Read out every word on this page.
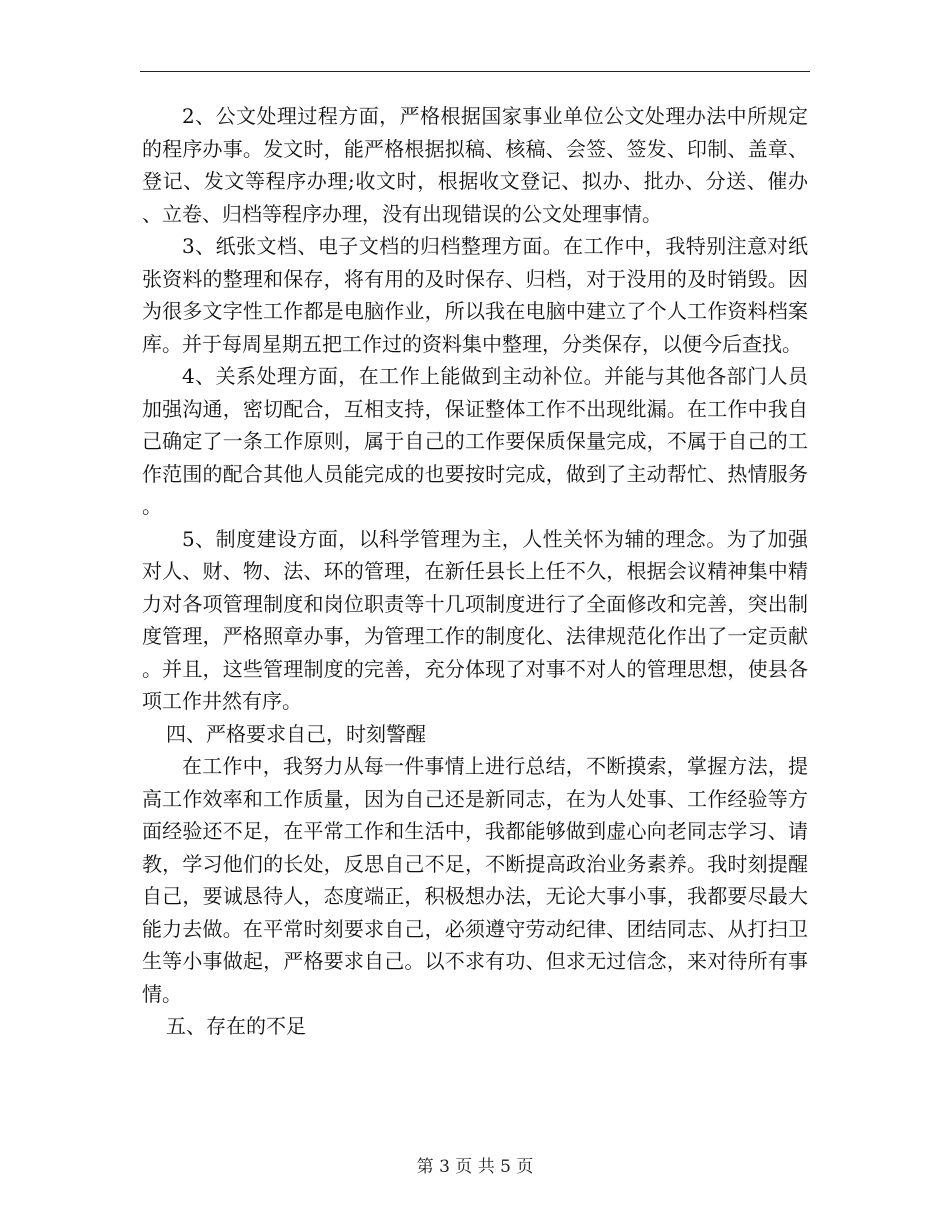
2、公文处理过程方面，严格根据国家事业单位公文处理办法中所规定的程序办事。发文时，能严格根据拟稿、核稿、会签、签发、印制、盖章、登记、发文等程序办理;收文时，根据收文登记、拟办、批办、分送、催办、立卷、归档等程序办理，没有出现错误的公文处理事情。

3、纸张文档、电子文档的归档整理方面。在工作中，我特别注意对纸张资料的整理和保存，将有用的及时保存、归档，对于没用的及时销毁。因为很多文字性工作都是电脑作业，所以我在电脑中建立了个人工作资料档案库。并于每周星期五把工作过的资料集中整理，分类保存，以便今后查找。

4、关系处理方面，在工作上能做到主动补位。并能与其他各部门人员加强沟通，密切配合，互相支持，保证整体工作不出现纰漏。在工作中我自己确定了一条工作原则，属于自己的工作要保质保量完成，不属于自己的工作范围的配合其他人员能完成的也要按时完成，做到了主动帮忙、热情服务。

5、制度建设方面，以科学管理为主，人性关怀为辅的理念。为了加强对人、财、物、法、环的管理，在新任县长上任不久，根据会议精神集中精力对各项管理制度和岗位职责等十几项制度进行了全面修改和完善，突出制度管理，严格照章办事，为管理工作的制度化、法律规范化作出了一定贡献。并且，这些管理制度的完善，充分体现了对事不对人的管理思想，使县各项工作井然有序。

四、严格要求自己，时刻警醒

在工作中，我努力从每一件事情上进行总结，不断摸索，掌握方法，提高工作效率和工作质量，因为自己还是新同志，在为人处事、工作经验等方面经验还不足，在平常工作和生活中，我都能够做到虚心向老同志学习、请教，学习他们的长处，反思自己不足，不断提高政治业务素养。我时刻提醒自己，要诚恳待人，态度端正，积极想办法，无论大事小事，我都要尽最大能力去做。在平常时刻要求自己，必须遵守劳动纪律、团结同志、从打扫卫生等小事做起，严格要求自己。以不求有功、但求无过信念，来对待所有事情。

五、存在的不足

第 3 页 共 5 页
